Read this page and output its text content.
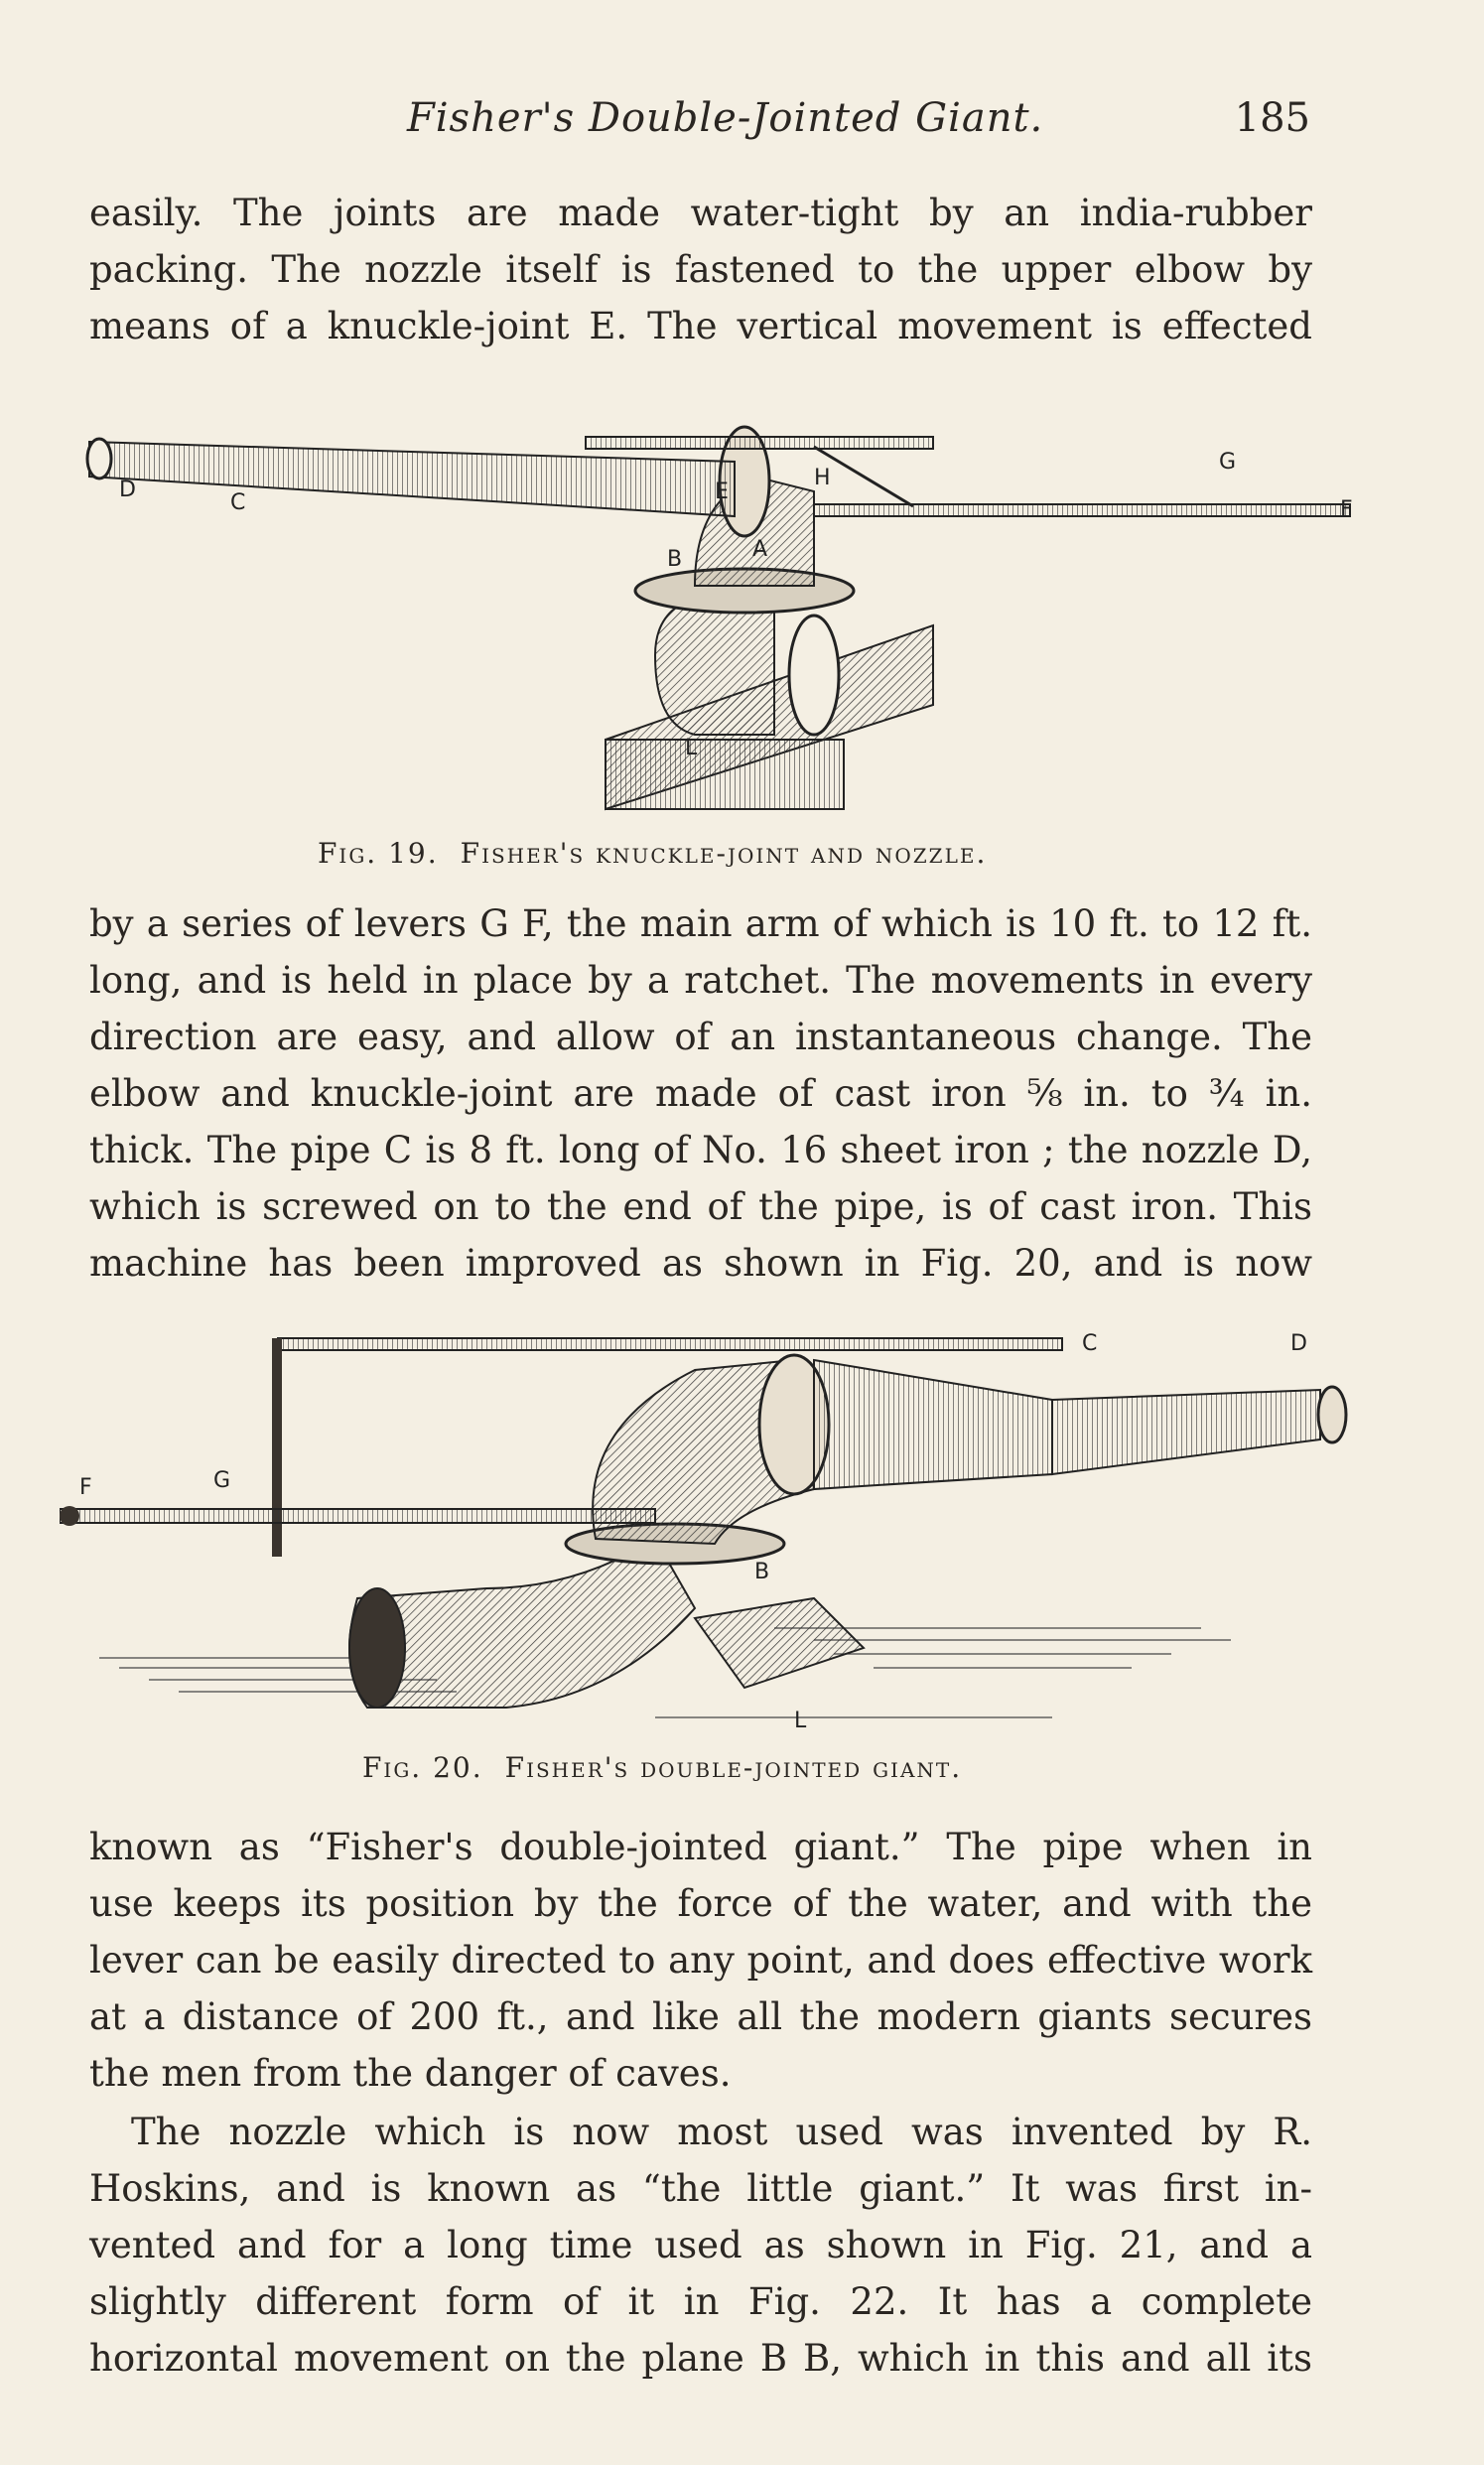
Fisher's Double-Jointed Giant.	185
easily. The joints are made water-tight by an india-rubber
packing. The nozzle itself is fastened to the upper elbow by
means of a knuckle-joint E. The vertical movement is effected
D
C
G
F
H
B	A
L
E
Fig. 19. Fisher's knuckle-joint and nozzle.
by a series of levers G F, the main arm of which is 10 ft. to 12 ft.
long, and is held in place by a ratchet. The movements in every
direction are easy, and allow of an instantaneous change. The
elbow and knuckle-joint are made of cast iron ⅝ in. to ¾ in.
thick. The pipe C is 8 ft. long of No. 16 sheet iron ; the nozzle D,
which is screwed on to the end of the pipe, is of cast iron. This
machine has been improved as shown in Fig. 20, and is now
C	D
F	G
B
L
Fig. 20. Fisher's double-jointed giant.
known as “Fisher's double-jointed giant.” The pipe when in
use keeps its position by the force of the water, and with the
lever can be easily directed to any point, and does effective work
at a distance of 200 ft., and like all the modern giants secures
the men from the danger of caves.
The nozzle which is now most used was invented by R.
Hoskins, and is known as “the little giant.” It was first in-
vented and for a long time used as shown in Fig. 21, and a
slightly different form of it in Fig. 22. It has a complete
horizontal movement on the plane B B, which in this and all its
